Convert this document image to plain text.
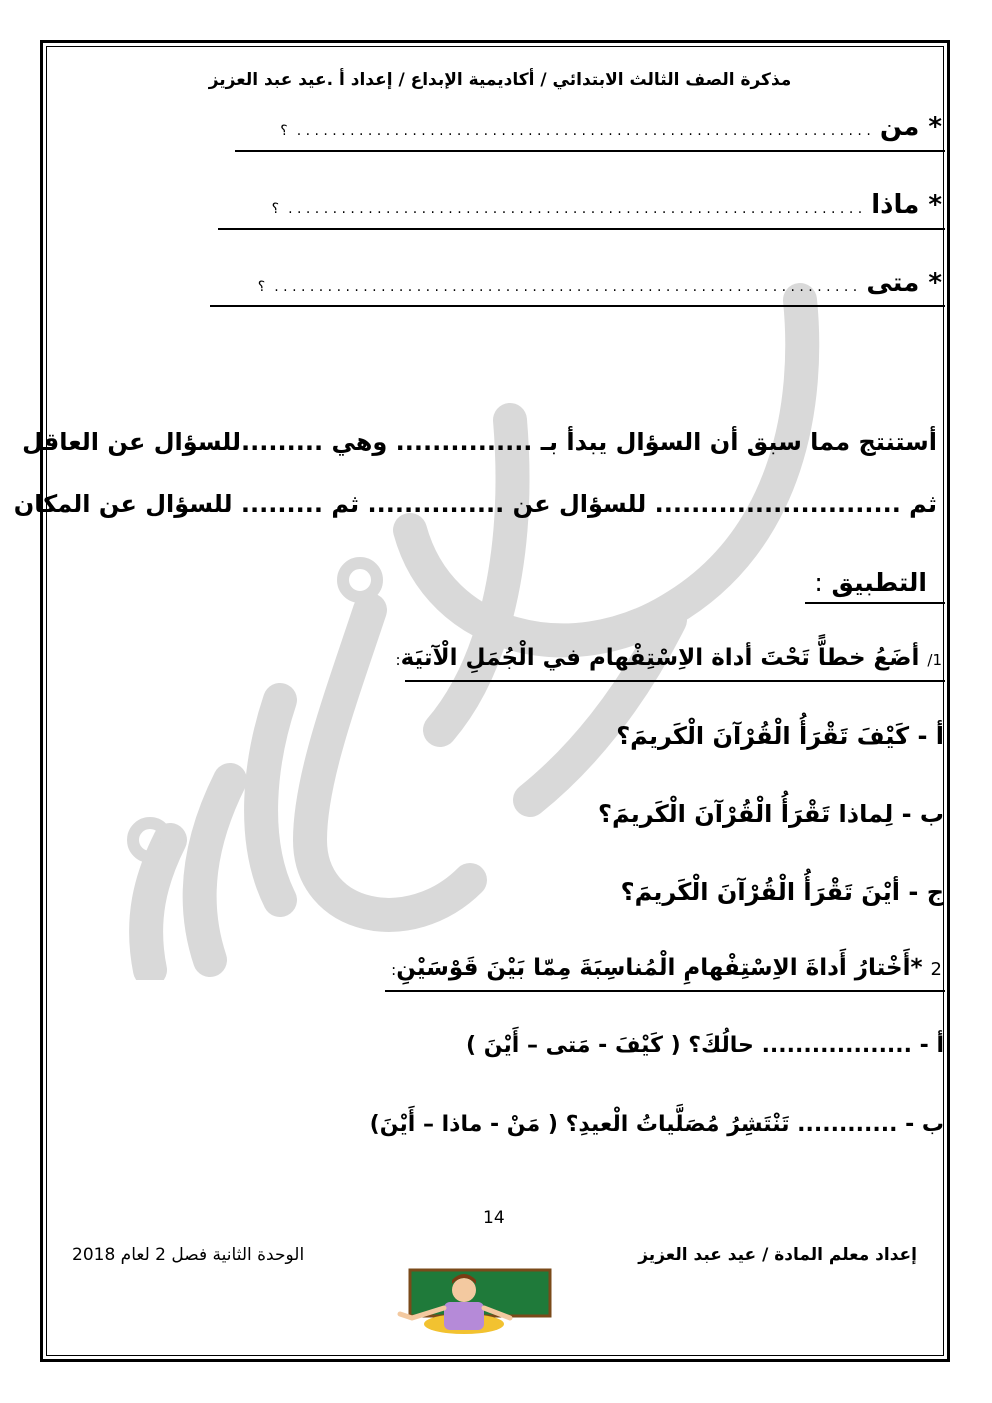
مذكرة الصف الثالث الابتدائي / أكاديمية الإبداع / إعداد أ .عيد عبد العزيز
* من . . . . . . . . . . . . . . . . . . . . . . . . . . . . . . . . . . . . . . . . . . . . . . . . . . . . . . . . . . . . . . . . . ؟
* ماذا . . . . . . . . . . . . . . . . . . . . . . . . . . . . . . . . . . . . . . . . . . . . . . . . . . . . . . . . . . . . . . . . . ؟
* متى . . . . . . . . . . . . . . . . . . . . . . . . . . . . . . . . . . . . . . . . . . . . . . . . . . . . . . . . . . . . . . . . . . ؟
أستنتج مما سبق أن السؤال يبدأ بـ ............... وهي .........للسؤال عن العاقل
ثم ........................... للسؤال عن ............... ثم ......... للسؤال عن المكان
التطبيق :
1/ أضَعُ خطاًّ تَحْتَ أداة الاِسْتِفْهام في الْجُمَلِ الْآتيَة:
أ - كَيْفَ تَقْرَأُ الْقُرْآنَ الْكَريمَ؟
ب - لِماذا تَقْرَأُ الْقُرْآنَ الْكَريمَ؟
ج - أيْنَ تَقْرَأُ الْقُرْآنَ الْكَريمَ؟
2 *أَخْتارُ أَداةَ الاِسْتِفْهامِ الْمُناسِبَةَ مِمّا بَيْنَ قَوْسَيْنِ:
أ - .................. حالُكَ؟ ( كَيْفَ - مَتى – أَيْنَ )
ب - ............ تَنْتَشِرُ مُصَلَّياتُ الْعيدِ؟ ( مَنْ - ماذا – أَيْنَ)
14
إعداد معلم المادة / عيد عبد العزيز
الوحدة الثانية فصل 2 لعام 2018
